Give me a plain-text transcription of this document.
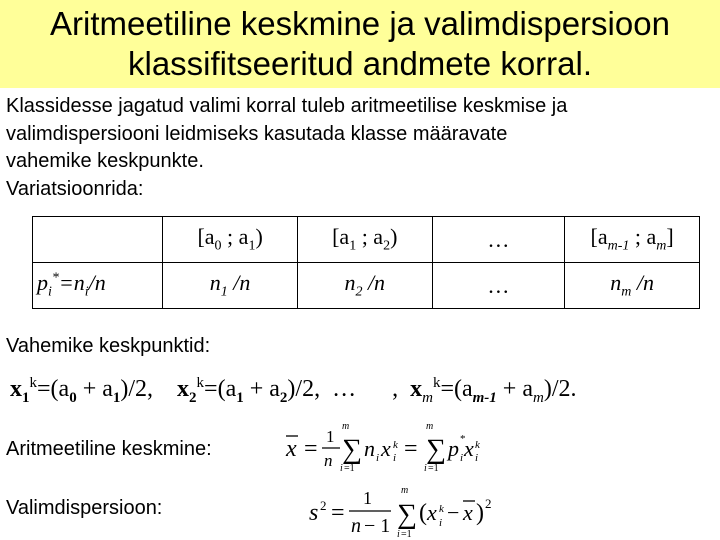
Aritmeetiline keskmine ja valimdispersioon
klassifitseeritud andmete korral.
Klassidesse jagatud valimi korral tuleb aritmeetilise keskmise ja
valimdispersiooni leidmiseks kasutada klasse määravate
vahemike keskpunkte.
Variatsioonrida:
	[$a_0$ ; $a_1$)	[$a_1$ ; $a_2$)	…	[$a_{m-1}$ ; $a_m$]
$p_i^*=n_i/n$	$n_1$ /n	$n_2$ /n	…	$n_m$ /n
Vahemike keskpunktid:
$x_1^k=(a_0 + a_1)/2$, $x_2^k=(a_1 + a_2)/2$, … , $x_m^k=(a_{m-1} + a_m)/2$.
Aritmeetiline keskmine:	x = 1
n
m
∑
i =1
n i x k
i =
m
∑
i =1
p *
i x k
i
Valimdispersioon:	s 2 =
1
n − 1
m
∑
i =1
( x k
i − x ) 2
